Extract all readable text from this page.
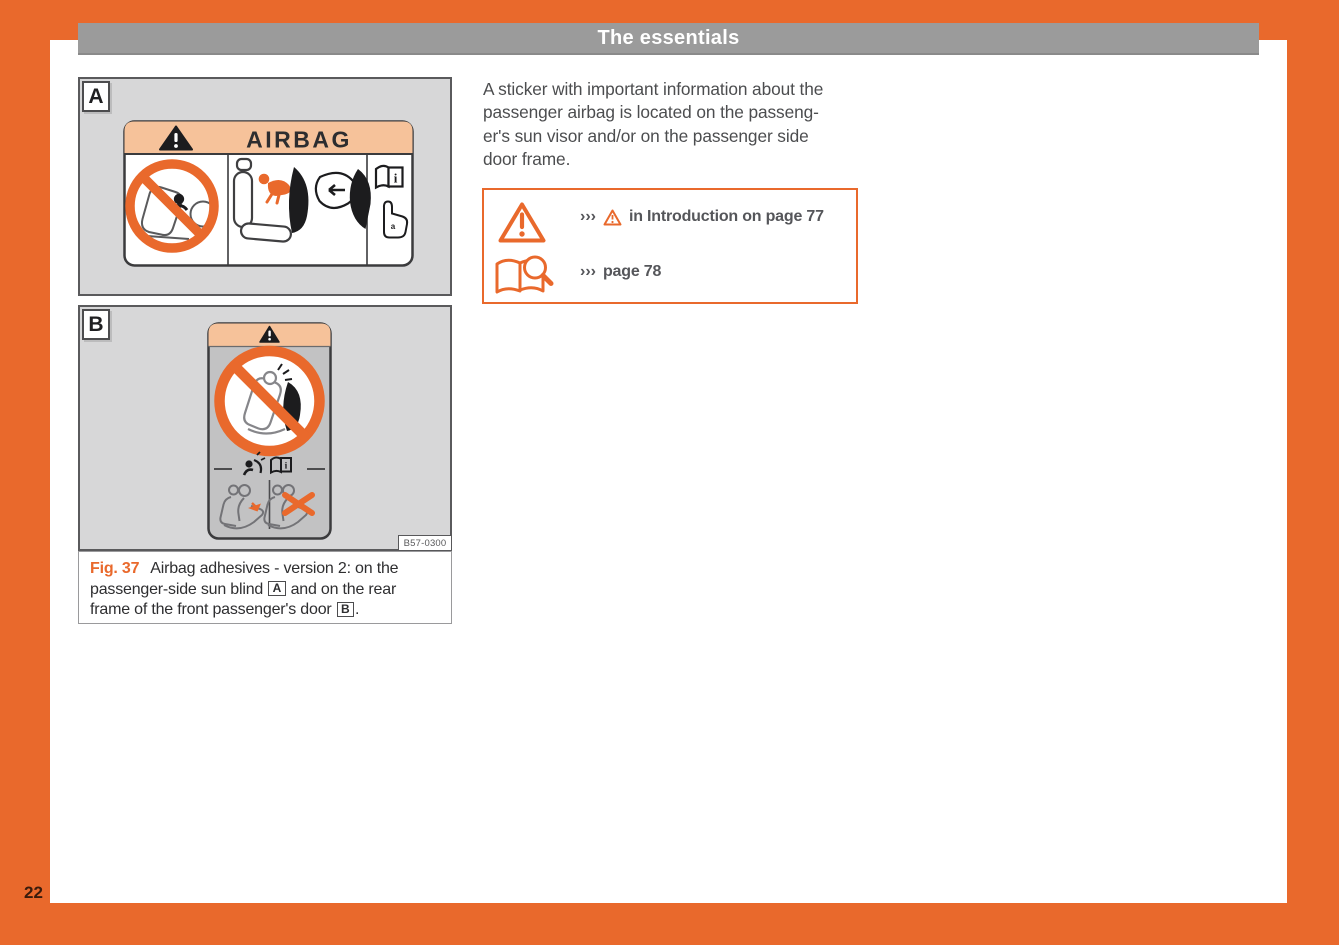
The essentials
A
AIRBAG
i
a
B
i
B57-0300
Fig. 37 Airbag adhesives - version 2: on the
passenger-side sun blind A and on the rear
frame of the front passenger's door B .
A sticker with important information about the
passenger airbag is located on the passeng-
er's sun visor and/or on the passenger side
door frame.
››› in Introduction on page 77
››› page 78
22
